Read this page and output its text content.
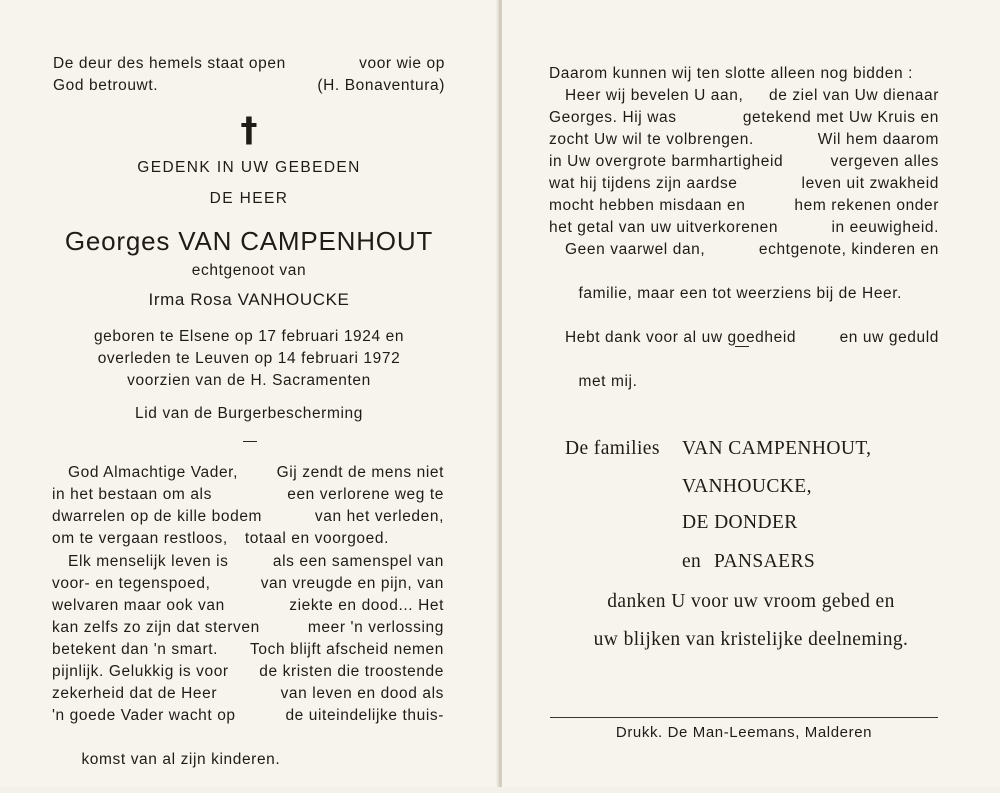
De deur des hemels staat open	voor wie op
God betrouwt.	(H. Bonaventura)
†
GEDENK IN UW GEBEDEN
DE HEER
Georges VAN CAMPENHOUT
echtgenoot van
Irma Rosa VANHOUCKE
geboren te Elsene op 17 februari 1924 en
overleden te Leuven op 14 februari 1972
voorzien van de H. Sacramenten
Lid van de Burgerbescherming
God Almachtige Vader, Gij zendt de mens niet
in het bestaan om als	een verlorene weg te
dwarrelen op de kille bodem	van het verleden,
om te vergaan restloos, totaal en voorgoed.
Elk menselijk leven is	als een samenspel van
voor- en tegenspoed,	van vreugde en pijn, van
welvaren maar ook van	ziekte en dood... Het
kan zelfs zo zijn dat sterven	meer 'n verlossing
betekent dan 'n smart. Toch blijft afscheid nemen
pijnlijk. Gelukkig is voor de kristen die troostende
zekerheid dat de Heer	van leven en dood als
'n goede Vader wacht op	de uiteindelijke thuis-

komst van al zijn kinderen.

Daarom kunnen wij ten slotte alleen nog bidden :
Heer wij bevelen U aan, de ziel van Uw dienaar
Georges. Hij was	getekend met Uw Kruis en
zocht Uw wil te volbrengen.	Wil hem daarom
in Uw overgrote barmhartigheid	vergeven alles
wat hij tijdens zijn aardse	leven uit zwakheid
mocht hebben misdaan en	hem rekenen onder
het getal van uw uitverkorenen	in eeuwigheid.
Geen vaarwel dan,	echtgenote, kinderen en

familie, maar een tot weerziens bij de Heer.

Hebt dank voor al uw goedheid	en uw geduld

met mij.

De families VAN CAMPENHOUT,
VANHOUCKE,
DE DONDER
en PANSAERS
danken U voor uw vroom gebed en
uw blijken van kristelijke deelneming.
Drukk. De Man-Leemans, Malderen
